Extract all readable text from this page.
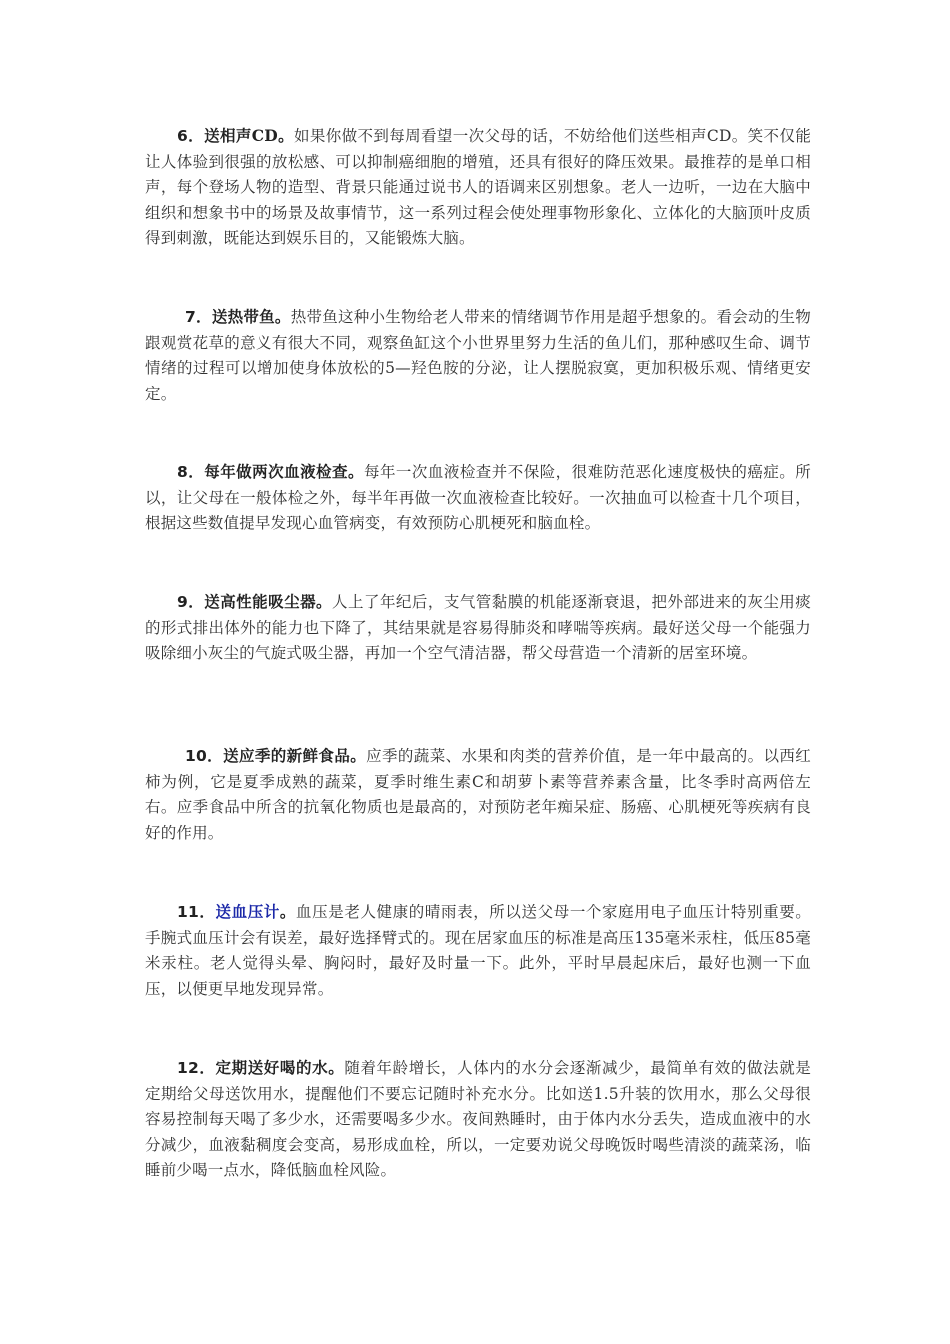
6．送相声CD。如果你做不到每周看望一次父母的话，不妨给他们送些相声CD。笑不仅能让人体验到很强的放松感、可以抑制癌细胞的增殖，还具有很好的降压效果。最推荐的是单口相声，每个登场人物的造型、背景只能通过说书人的语调来区别想象。老人一边听，一边在大脑中组织和想象书中的场景及故事情节，这一系列过程会使处理事物形象化、立体化的大脑顶叶皮质得到刺激，既能达到娱乐目的，又能锻炼大脑。

7．送热带鱼。热带鱼这种小生物给老人带来的情绪调节作用是超乎想象的。看会动的生物跟观赏花草的意义有很大不同，观察鱼缸这个小世界里努力生活的鱼儿们，那种感叹生命、调节情绪的过程可以增加使身体放松的5—羟色胺的分泌，让人摆脱寂寞，更加积极乐观、情绪更安定。

8．每年做两次血液检查。每年一次血液检查并不保险，很难防范恶化速度极快的癌症。所以，让父母在一般体检之外，每半年再做一次血液检查比较好。一次抽血可以检查十几个项目，根据这些数值提早发现心血管病变，有效预防心肌梗死和脑血栓。

9．送高性能吸尘器。人上了年纪后，支气管黏膜的机能逐渐衰退，把外部进来的灰尘用痰的形式排出体外的能力也下降了，其结果就是容易得肺炎和哮喘等疾病。最好送父母一个能强力吸除细小灰尘的气旋式吸尘器，再加一个空气清洁器，帮父母营造一个清新的居室环境。

10．送应季的新鲜食品。应季的蔬菜、水果和肉类的营养价值，是一年中最高的。以西红柿为例，它是夏季成熟的蔬菜，夏季时维生素C和胡萝卜素等营养素含量，比冬季时高两倍左右。应季食品中所含的抗氧化物质也是最高的，对预防老年痴呆症、肠癌、心肌梗死等疾病有良好的作用。

11．送血压计。血压是老人健康的晴雨表，所以送父母一个家庭用电子血压计特别重要。手腕式血压计会有误差，最好选择臂式的。现在居家血压的标准是高压135毫米汞柱，低压85毫米汞柱。老人觉得头晕、胸闷时，最好及时量一下。此外，平时早晨起床后，最好也测一下血压，以便更早地发现异常。

12．定期送好喝的水。随着年龄增长，人体内的水分会逐渐减少，最简单有效的做法就是定期给父母送饮用水，提醒他们不要忘记随时补充水分。比如送1.5升装的饮用水，那么父母很容易控制每天喝了多少水，还需要喝多少水。夜间熟睡时，由于体内水分丢失，造成血液中的水分减少，血液黏稠度会变高，易形成血栓，所以，一定要劝说父母晚饭时喝些清淡的蔬菜汤，临睡前少喝一点水，降低脑血栓风险。
